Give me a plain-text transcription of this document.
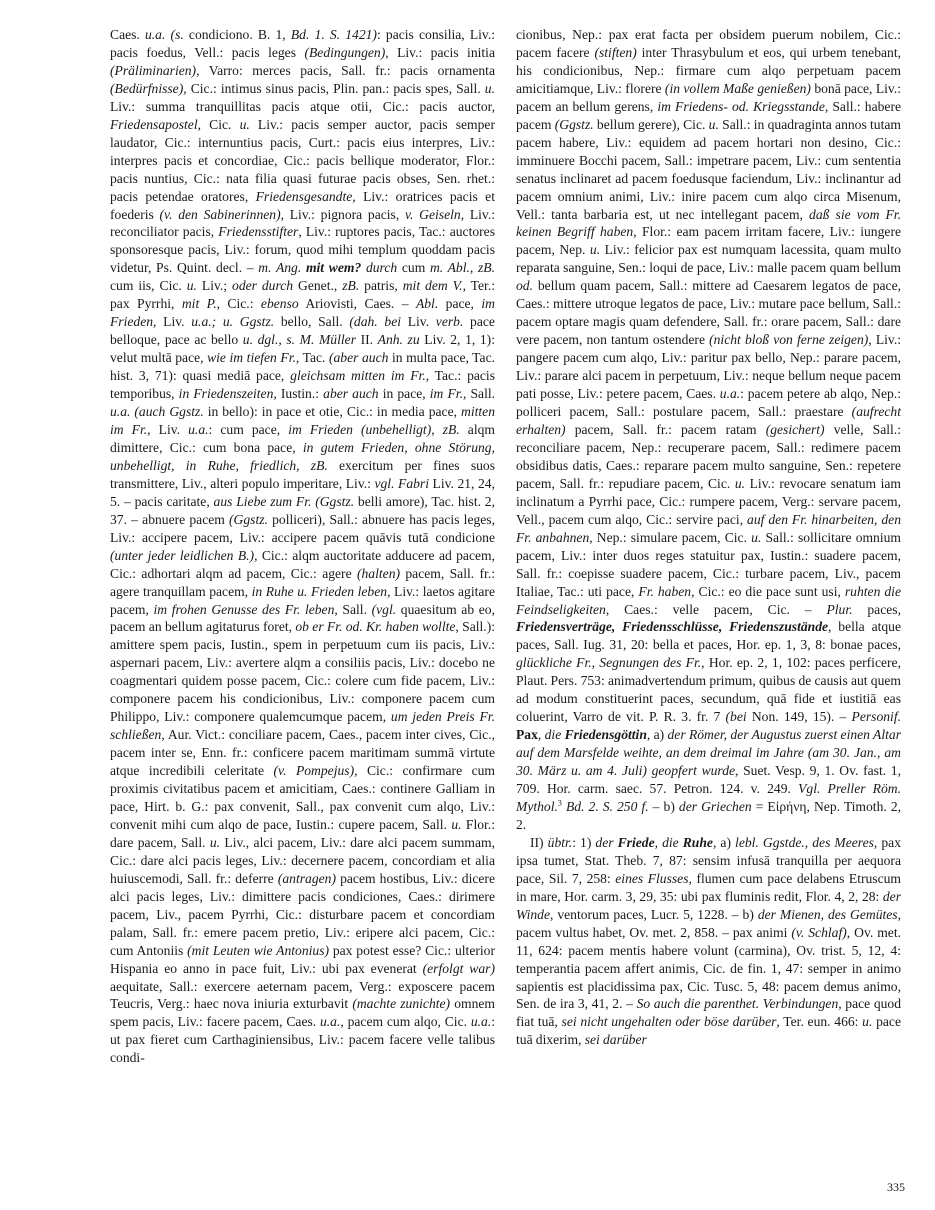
Caes. u.a. (s. condiciono. B. 1, Bd. 1. S. 1421): pacis consilia, Liv.: pacis foedus, Vell.: pacis leges (Bedingungen), Liv.: pacis initia (Präliminarien), Varro: merces pacis, Sall. fr.: pacis ornamenta (Bedürfnisse), Cic.: intimus sinus pacis, Plin. pan.: pacis spes, Sall. u. Liv.: summa tranquillitas pacis atque otii, Cic.: pacis auctor, Friedensapostel, Cic. u. Liv.: pacis semper auctor, pacis semper laudator, Cic.: internuntius pacis, Curt.: pacis eius interpres, Liv.: interpres pacis et concordiae, Cic.: pacis bellique moderator, Flor.: pacis nuntius, Cic.: nata filia quasi futurae pacis obses, Sen. rhet.: pacis petendae oratores, Friedensgesandte, Liv.: oratrices pacis et foederis (v. den Sabinerinnen), Liv.: pignora pacis, v. Geiseln, Liv.: reconciliator pacis, Friedensstifter, Liv.: ruptores pacis, Tac.: auctores sponsoresque pacis, Liv.: forum, quod mihi templum quoddam pacis videtur, Ps. Quint. decl. – m. Ang. mit wem? durch cum m. Abl., zB. cum iis, Cic. u. Liv.; oder durch Genet., zB. patris, mit dem V., Ter.: pax Pyrrhi, mit P., Cic.: ebenso Ariovisti, Caes. – Abl. pace, im Frieden, Liv. u.a.; u. Ggstz. bello, Sall. (dah. bei Liv. verb. pace belloque, pace ac bello u. dgl., s. M. Müller II. Anh. zu Liv. 2, 1, 1): velut multā pace, wie im tiefen Fr., Tac. (aber auch in multa pace, Tac. hist. 3, 71): quasi mediā pace, gleichsam mitten im Fr., Tac.: pacis temporibus, in Friedenszeiten, Iustin.: aber auch in pace, im Fr., Sall. u.a. (auch Ggstz. in bello): in pace et otie, Cic.: in media pace, mitten im Fr., Liv. u.a.: cum pace, im Frieden (unbehelligt), zB. alqm dimittere, Cic.: cum bona pace, in gutem Frieden, ohne Störung, unbehelligt, in Ruhe, friedlich, zB. exercitum per fines suos transmittere, Liv., alteri populo imperitare, Liv.: vgl. Fabri Liv. 21, 24, 5. – pacis caritate, aus Liebe zum Fr. (Ggstz. belli amore), Tac. hist. 2, 37. – abnuere pacem (Ggstz. polliceri), Sall.: abnuere has pacis leges, Liv.: accipere pacem, Liv.: accipere pacem quāvis tutā condicione (unter jeder leidlichen B.), Cic.: alqm auctoritate adducere ad pacem, Cic.: adhortari alqm ad pacem, Cic.: agere (halten) pacem, Sall. fr.: agere tranquillam pacem, in Ruhe u. Frieden leben, Liv.: laetos agitare pacem, im frohen Genusse des Fr. leben, Sall. (vgl. quaesitum ab eo, pacem an bellum agitaturus foret, ob er Fr. od. Kr. haben wollte, Sall.): amittere spem pacis, Iustin., spem in perpetuum cum iis pacis, Liv.: aspernari pacem, Liv.: avertere alqm a consiliis pacis, Liv.: docebo ne coagmentari quidem posse pacem, Cic.: colere cum fide pacem, Liv.: componere pacem his condicionibus, Liv.: componere pacem cum Philippo, Liv.: componere qualemcumque pacem, um jeden Preis Fr. schließen, Aur. Vict.: conciliare pacem, Caes., pacem inter cives, Cic., pacem inter se, Enn. fr.: conficere pacem maritimam summā virtute atque incredibili celeritate (v. Pompejus), Cic.: confirmare cum proximis civitatibus pacem et amicitiam, Caes.: continere Galliam in pace, Hirt. b. G.: pax convenit, Sall., pax convenit cum alqo, Liv.: convenit mihi cum alqo de pace, Iustin.: cupere pacem, Sall. u. Flor.: dare pacem, Sall. u. Liv., alci pacem, Liv.: dare alci pacem summam, Cic.: dare alci pacis leges, Liv.: decernere pacem, concordiam et alia huiuscemodi, Sall. fr.: deferre (antragen) pacem hostibus, Liv.: dicere alci pacis leges, Liv.: dimittere pacis condiciones, Caes.: dirimere pacem, Liv., pacem Pyrrhi, Cic.: disturbare pacem et concordiam palam, Sall. fr.: emere pacem pretio, Liv.: eripere alci pacem, Cic.: cum Antoniis (mit Leuten wie Antonius) pax potest esse? Cic.: ulterior Hispania eo anno in pace fuit, Liv.: ubi pax evenerat (erfolgt war) aequitate, Sall.: exercere aeternam pacem, Verg.: exposcere pacem Teucris, Verg.: haec nova iniuria exturbavit (machte zunichte) omnem spem pacis, Liv.: facere pacem, Caes. u.a., pacem cum alqo, Cic. u.a.: ut pax fieret cum Carthaginiensibus, Liv.: pacem facere velle talibus condi-

cionibus, Nep.: pax erat facta per obsidem puerum nobilem, Cic.: pacem facere (stiften) inter Thrasybulum et eos, qui urbem tenebant, his condicionibus, Nep.: firmare cum alqo perpetuam pacem amicitiamque, Liv.: florere (in vollem Maße genießen) bonā pace, Liv.: pacem an bellum gerens, im Friedens- od. Kriegsstande, Sall.: habere pacem (Ggstz. bellum gerere), Cic. u. Sall.: in quadraginta annos tutam pacem habere, Liv.: equidem ad pacem hortari non desino, Cic.: imminuere Bocchi pacem, Sall.: impetrare pacem, Liv.: cum sententia senatus inclinaret ad pacem foedusque faciendum, Liv.: inclinantur ad pacem omnium animi, Liv.: inire pacem cum alqo circa Misenum, Vell.: tanta barbaria est, ut nec intellegant pacem, daß sie vom Fr. keinen Begriff haben, Flor.: eam pacem irritam facere, Liv.: iungere pacem, Nep. u. Liv.: felicior pax est numquam lacessita, quam multo reparata sanguine, Sen.: loqui de pace, Liv.: malle pacem quam bellum od. bellum quam pacem, Sall.: mittere ad Caesarem legatos de pace, Caes.: mittere utroque legatos de pace, Liv.: mutare pace bellum, Sall.: pacem optare magis quam defendere, Sall. fr.: orare pacem, Sall.: dare vere pacem, non tantum ostendere (nicht bloß von ferne zeigen), Liv.: pangere pacem cum alqo, Liv.: paritur pax bello, Nep.: parare pacem, Liv.: parare alci pacem in perpetuum, Liv.: neque bellum neque pacem pati posse, Liv.: petere pacem, Caes. u.a.: pacem petere ab alqo, Nep.: polliceri pacem, Sall.: postulare pacem, Sall.: praestare (aufrecht erhalten) pacem, Sall. fr.: pacem ratam (gesichert) velle, Sall.: reconciliare pacem, Nep.: recuperare pacem, Sall.: redimere pacem obsidibus datis, Caes.: reparare pacem multo sanguine, Sen.: repetere pacem, Sall. fr.: repudiare pacem, Cic. u. Liv.: revocare senatum iam inclinatum a Pyrrhi pace, Cic.: rumpere pacem, Verg.: servare pacem, Vell., pacem cum alqo, Cic.: servire paci, auf den Fr. hinarbeiten, den Fr. anbahnen, Nep.: simulare pacem, Cic. u. Sall.: sollicitare omnium pacem, Liv.: inter duos reges statuitur pax, Iustin.: suadere pacem, Sall. fr.: coepisse suadere pacem, Cic.: turbare pacem, Liv., pacem Italiae, Tac.: uti pace, Fr. haben, Cic.: eo die pace sunt usi, ruhten die Feindseligkeiten, Caes.: velle pacem, Cic. – Plur. paces, Friedensverträge, Friedensschlüsse, Friedenszustände, bella atque paces, Sall. Iug. 31, 20: bella et paces, Hor. ep. 1, 3, 8: bonae paces, glückliche Fr., Segnungen des Fr., Hor. ep. 2, 1, 102: paces perficere, Plaut. Pers. 753: animadvertendum primum, quibus de causis aut quem ad modum constituerint paces, secundum, quā fide et iustitiā eas coluerint, Varro de vit. P. R. 3. fr. 7 (bei Non. 149, 15). – Personif. Pax, die Friedensgöttin, a) der Römer, der Augustus zuerst einen Altar auf dem Marsfelde weihte, an dem dreimal im Jahre (am 30. Jan., am 30. März u. am 4. Juli) geopfert wurde, Suet. Vesp. 9, 1. Ov. fast. 1, 709. Hor. carm. saec. 57. Petron. 124. v. 249. Vgl. Preller Röm. Mythol.$^3$ Bd. 2. S. 250 f. – b) der Griechen = Εἰρήνη, Nep. Timoth. 2, 2.

II) übtr.: 1) der Friede, die Ruhe, a) lebl. Ggstde., des Meeres, pax ipsa tumet, Stat. Theb. 7, 87: sensim infusā tranquilla per aequora pace, Sil. 7, 258: eines Flusses, flumen cum pace delabens Etruscum in mare, Hor. carm. 3, 29, 35: ubi pax fluminis redit, Flor. 4, 2, 28: der Winde, ventorum paces, Lucr. 5, 1228. – b) der Mienen, des Gemütes, pacem vultus habet, Ov. met. 2, 858. – pax animi (v. Schlaf), Ov. met. 11, 624: pacem mentis habere volunt (carmina), Ov. trist. 5, 12, 4: temperantia pacem affert animis, Cic. de fin. 1, 47: semper in animo sapientis est placidissima pax, Cic. Tusc. 5, 48: pacem demus animo, Sen. de ira 3, 41, 2. – So auch die parenthet. Verbindungen, pace quod fiat tuā, sei nicht ungehalten oder böse darüber, Ter. eun. 466: u. pace tuā dixerim, sei darüber

335
